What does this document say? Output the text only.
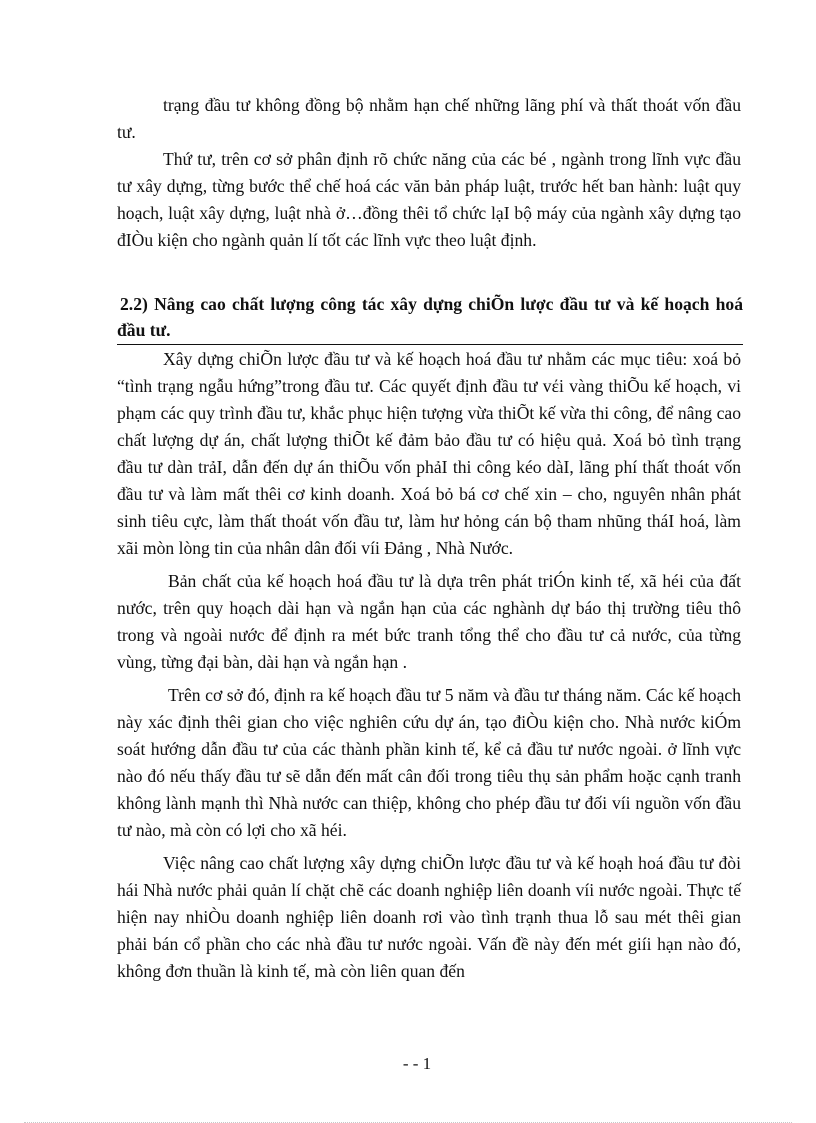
trạng đầu tư không đồng bộ nhằm hạn chế những lãng phí và thất thoát vốn đầu tư.

Thứ tư, trên cơ sở phân định rõ chức năng của các bé , ngành trong lĩnh vực đầu tư xây dựng, từng bước thể chế hoá các văn bản pháp luật, trước hết ban hành: luật quy hoạch, luật xây dựng, luật nhà ở…đồng thêi tổ chức lạI bộ máy của ngành xây dựng tạo đIÒu kiện cho ngành quản lí tốt các lĩnh vực theo luật định.

2.2) Nâng cao chất lượng công tác xây dựng chiÕn lược đầu tư và kế hoạch hoá đầu tư.

Xây dựng chiÕn lược đầu tư và kế hoạch hoá đầu tư nhằm các mục tiêu: xoá bỏ “tình trạng ngẫu hứng”trong đầu tư. Các quyết định đầu tư vέi vàng thiÕu kế hoạch, vi phạm các quy trình đầu tư, khắc phục hiện tượng vừa thiÕt kế vừa thi công, để nâng cao chất lượng dự án, chất lượng thiÕt kế đảm bảo đầu tư có hiệu quả. Xoá bỏ tình trạng đầu tư dàn trảI, dẫn đến dự án thiÕu vốn phảI thi công kéo dàI, lãng phí thất thoát vốn đầu tư và làm mất thêi cơ kinh doanh. Xoá bỏ bá cơ chế xin – cho, nguyên nhân phát sinh tiêu cực, làm thất thoát vốn đầu tư, làm hư hỏng cán bộ tham nhũng tháI hoá, làm xãi mòn lòng tin của nhân dân đối víi Đảng , Nhà Nước.

Bản chất của kế hoạch hoá đầu tư là dựa trên phát triÓn kinh tế, xã héi của đất nước, trên quy hoạch dài hạn và ngắn hạn của các nghành dự báo thị trường tiêu thô trong và ngoài nước để định ra mét bức tranh tổng thể cho đầu tư cả nước, của từng vùng, từng đại bàn, dài hạn và ngắn hạn .

Trên cơ sở đó, định ra kế hoạch đầu tư 5 năm và đầu tư tháng năm. Các kế hoạch này xác định thêi gian cho việc nghiên cứu dự án, tạo điÒu kiện cho. Nhà nước kiÓm soát hướng dẫn đầu tư của các thành phần kinh tế, kể cả đầu tư nước ngoài. ở lĩnh vực nào đó nếu thấy đầu tư sẽ dẫn đến mất cân đối trong tiêu thụ sản phẩm hoặc cạnh tranh không lành mạnh thì Nhà nước can thiệp, không cho phép đầu tư đối víi nguồn vốn đầu tư nào, mà còn có lợi cho xã héi.

Việc nâng cao chất lượng xây dựng chiÕn lược đầu tư và kế hoạh hoá đầu tư đòi hái Nhà nước phải quản lí chặt chẽ các doanh nghiệp liên doanh víi nước ngoài. Thực tế hiện nay nhiÒu doanh nghiệp liên doanh rơi vào tình trạnh thua lỗ sau mét thêi gian phải bán cổ phần cho các nhà đầu tư nước ngoài. Vấn đề này đến mét giíi hạn nào đó, không đơn thuần là kinh tế, mà còn liên quan đến

- - 1
